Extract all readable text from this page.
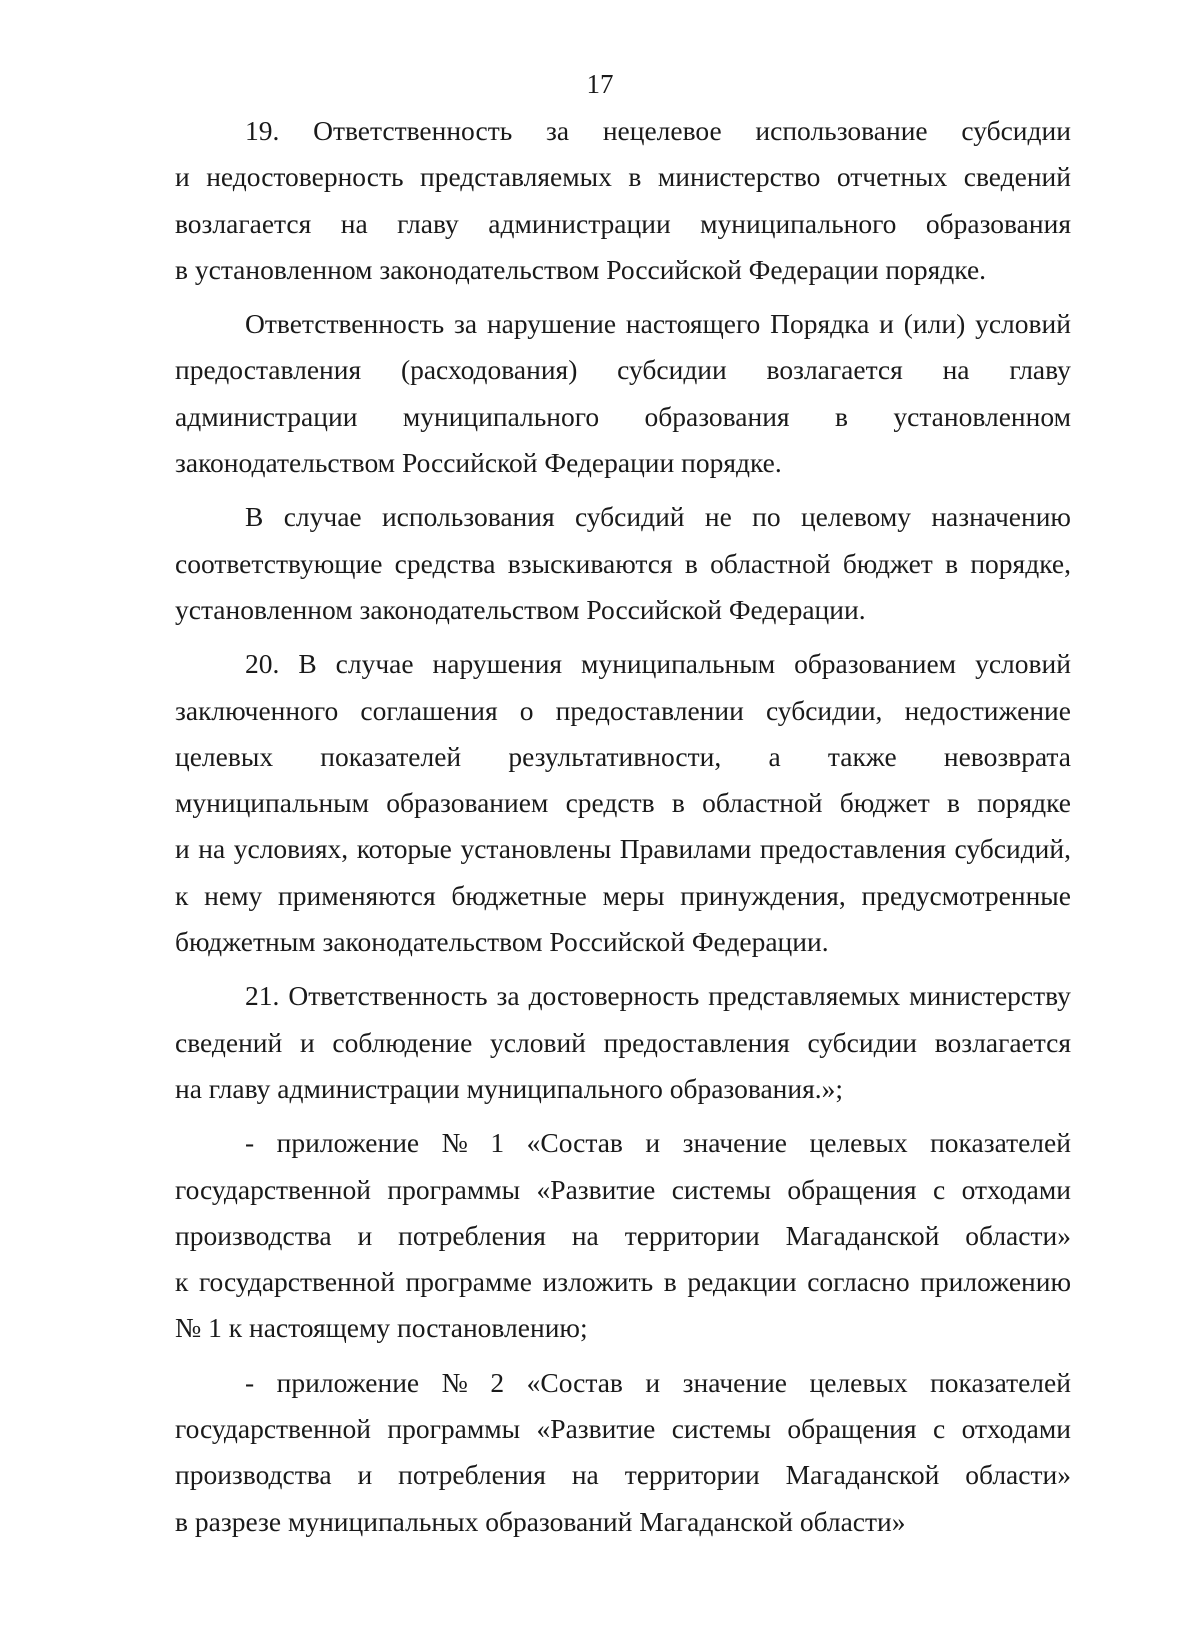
17
19. Ответственность за нецелевое использование субсидии
и недостоверность представляемых в министерство отчетных сведений
возлагается на главу администрации муниципального образования
в установленном законодательством Российской Федерации порядке.
Ответственность за нарушение настоящего Порядка и (или) условий
предоставления (расходования) субсидии возлагается на главу
администрации муниципального образования в установленном
законодательством Российской Федерации порядке.
В случае использования субсидий не по целевому назначению
соответствующие средства взыскиваются в областной бюджет в порядке,
установленном законодательством Российской Федерации.
20. В случае нарушения муниципальным образованием условий
заключенного соглашения о предоставлении субсидии, недостижение
целевых показателей результативности, а также невозврата
муниципальным образованием средств в областной бюджет в порядке
и на условиях, которые установлены Правилами предоставления субсидий,
к нему применяются бюджетные меры принуждения, предусмотренные
бюджетным законодательством Российской Федерации.
21. Ответственность за достоверность представляемых министерству
сведений и соблюдение условий предоставления субсидии возлагается
на главу администрации муниципального образования.»;
- приложение № 1 «Состав и значение целевых показателей
государственной программы «Развитие системы обращения с отходами
производства и потребления на территории Магаданской области»
к государственной программе изложить в редакции согласно приложению
№ 1 к настоящему постановлению;
- приложение № 2 «Состав и значение целевых показателей
государственной программы «Развитие системы обращения с отходами
производства и потребления на территории Магаданской области»
в разрезе муниципальных образований Магаданской области»
